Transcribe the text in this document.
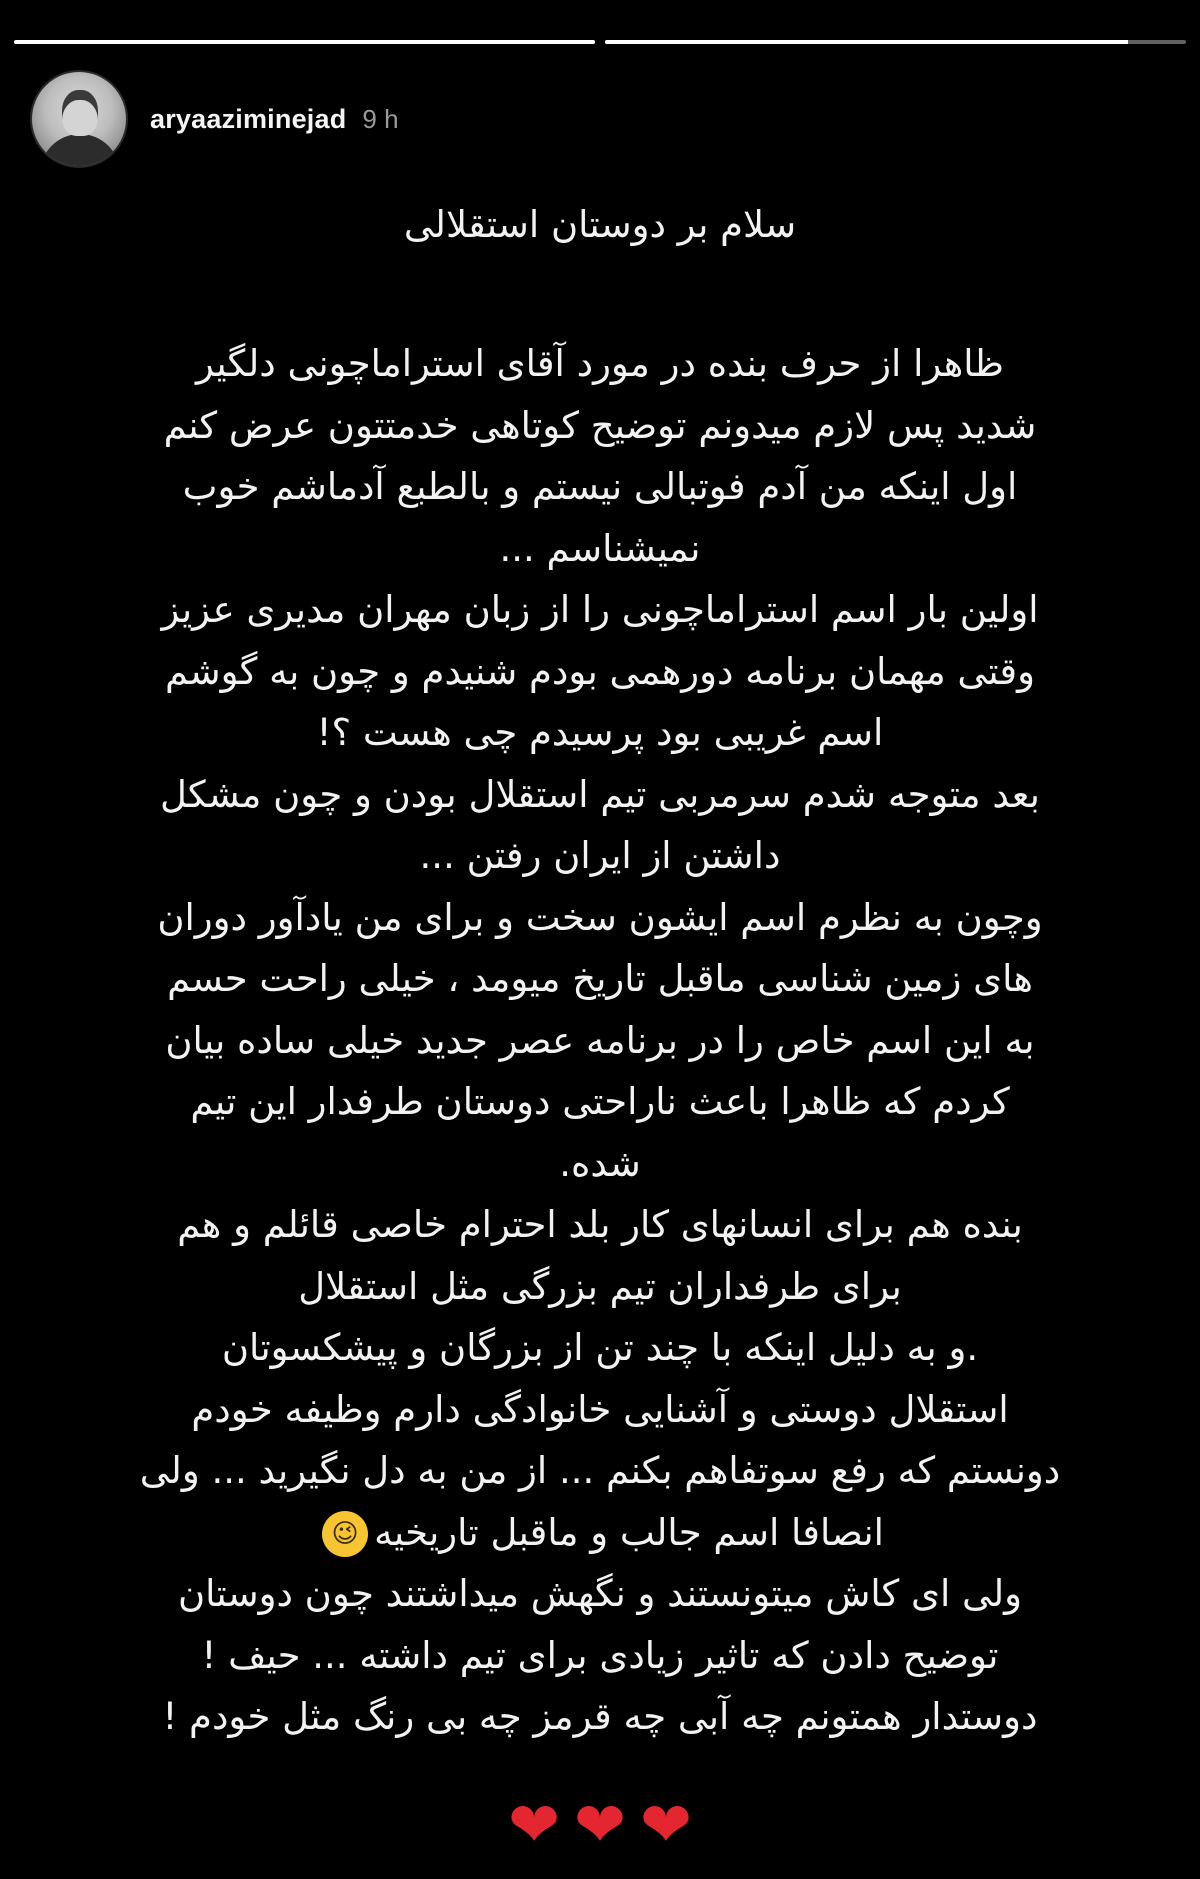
aryaaziminejad 9 h

سلام بر دوستان استقلالی

ظاهرا از حرف بنده در مورد آقای استراماچونی دلگیر

شدید پس لازم میدونم توضیح کوتاهی خدمتتون عرض کنم

اول اینکه من آدم فوتبالی نیستم و بالطبع آدماشم خوب

نمیشناسم ...

اولین بار اسم استراماچونی را از زبان مهران مدیری عزیز

وقتی مهمان برنامه دورهمی بودم شنیدم و چون به گوشم

اسم غریبی بود پرسیدم چی هست ؟!

بعد متوجه شدم سرمربی تیم استقلال بودن و چون مشکل

داشتن از ایران رفتن ...

وچون به نظرم اسم ایشون سخت و برای من یادآور دوران

های زمین شناسی ماقبل تاریخ میومد ، خیلی راحت حسم

به این اسم خاص را در برنامه عصر جدید خیلی ساده بیان

کردم که ظاهرا باعث ناراحتی دوستان طرفدار این تیم

شده.

بنده هم برای انسانهای کار بلد احترام خاصی قائلم و هم

برای طرفداران تیم بزرگی مثل استقلال

.و به دلیل اینکه با چند تن از بزرگان و پیشکسوتان

استقلال دوستی و آشنایی خانوادگی دارم وظیفه خودم

دونستم که رفع سوتفاهم بکنم ... از من به دل نگیرید ... ولی

انصافا اسم جالب و ماقبل تاریخیه😉

ولی ای کاش میتونستند و نگهش میداشتند چون دوستان

توضیح دادن که تاثیر زیادی برای تیم داشته ... حیف !

دوستدار همتونم چه آبی چه قرمز چه بی رنگ مثل خودم !

❤ ❤ ❤
